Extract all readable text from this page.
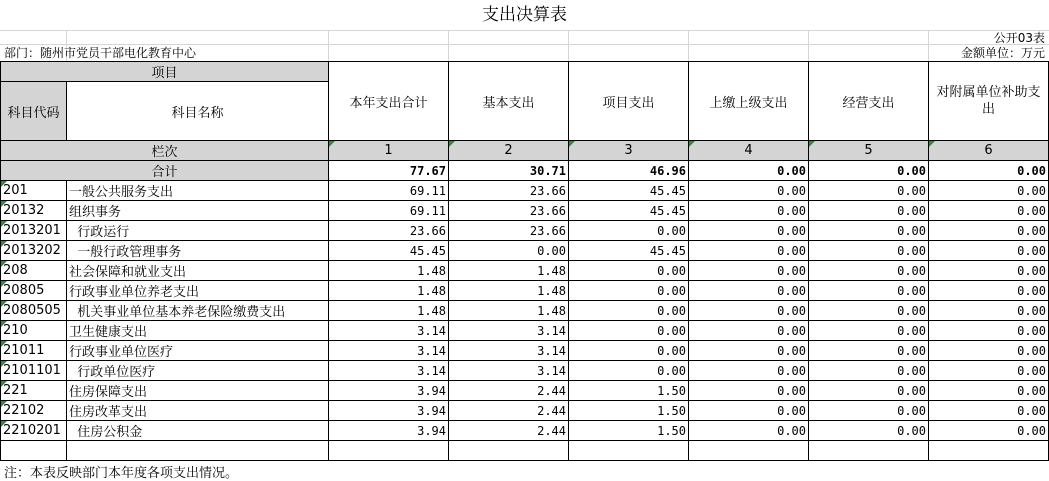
支出决算表
公开03表
部门：随州市党员干部电化教育中心	金额单位：万元
项目		本年支出合计	基本支出	项目支出	上缴上级支出	经营支出	对附属单位补助支出
科目代码	科目名称						
栏次		1	2	3	4	5	6
合计		77.67	30.71	46.96	0.00	0.00	0.00

201	一般公共服务支出	69.11	23.66	45.45	0.00	0.00	0.00

20132	组织事务	69.11	23.66	45.45	0.00	0.00	0.00

2013201	行政运行	23.66	23.66	0.00	0.00	0.00	0.00

2013202	一般行政管理事务	45.45	0.00	45.45	0.00	0.00	0.00

208	社会保障和就业支出	1.48	1.48	0.00	0.00	0.00	0.00

20805	行政事业单位养老支出	1.48	1.48	0.00	0.00	0.00	0.00

2080505	机关事业单位基本养老保险缴费支出	1.48	1.48	0.00	0.00	0.00	0.00

210	卫生健康支出	3.14	3.14	0.00	0.00	0.00	0.00

21011	行政事业单位医疗	3.14	3.14	0.00	0.00	0.00	0.00

2101101	行政单位医疗	3.14	3.14	0.00	0.00	0.00	0.00

221	住房保障支出	3.94	2.44	1.50	0.00	0.00	0.00

22102	住房改革支出	3.94	2.44	1.50	0.00	0.00	0.00

2210201	住房公积金	3.94	2.44	1.50	0.00	0.00	0.00

注：本表反映部门本年度各项支出情况。
